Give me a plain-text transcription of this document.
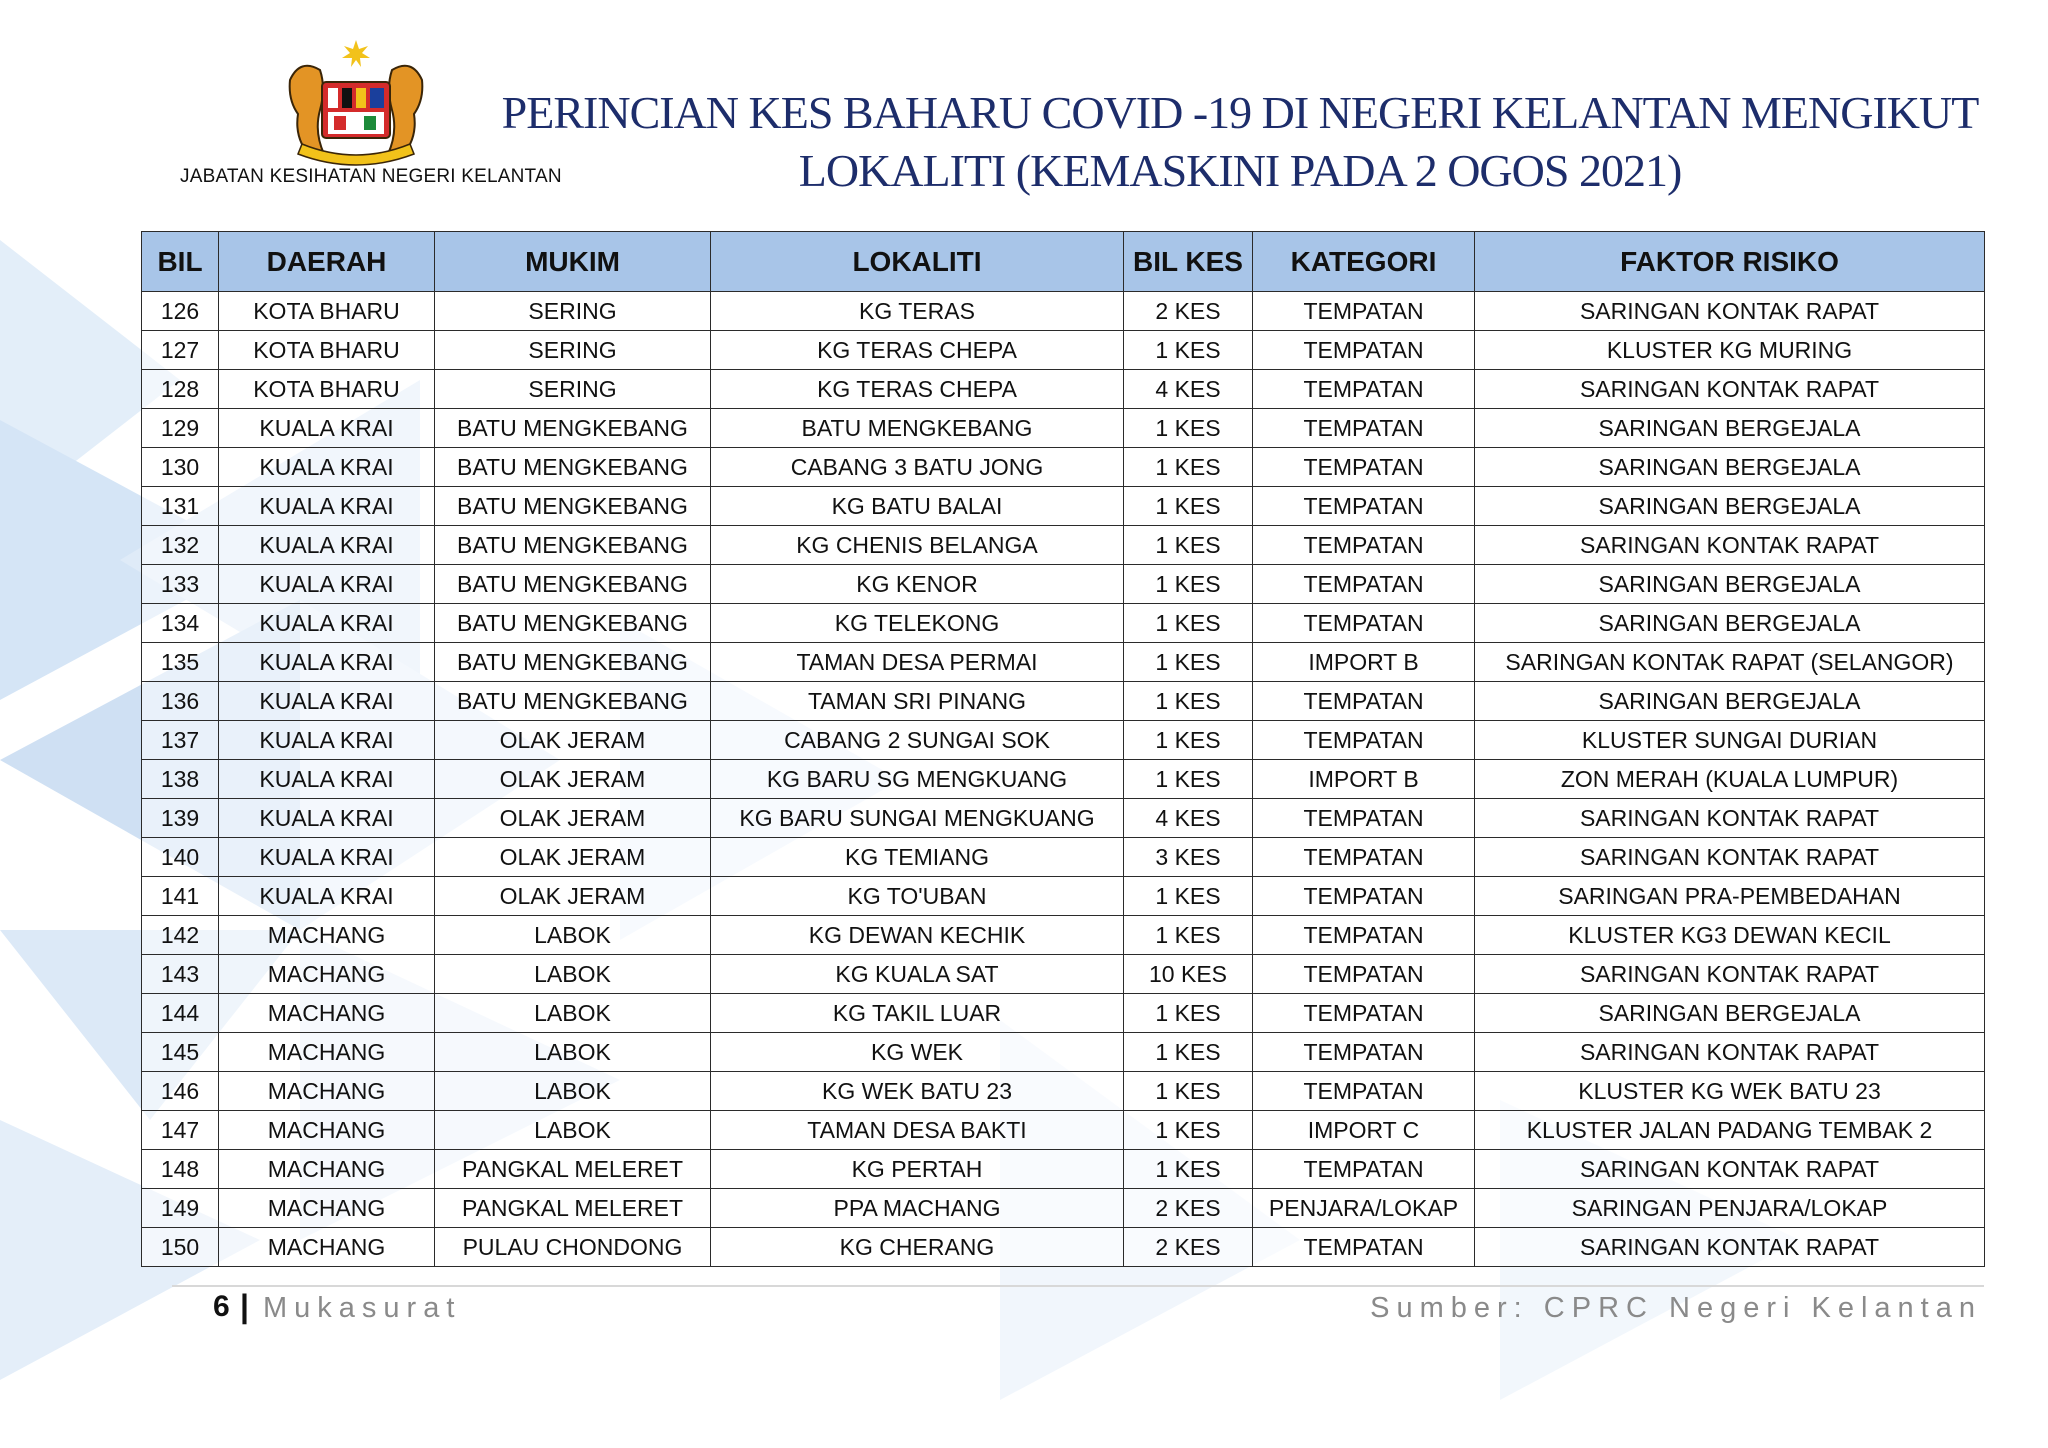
JABATAN KESIHATAN NEGERI KELANTAN
PERINCIAN KES BAHARU COVID -19 DI NEGERI KELANTAN MENGIKUT
LOKALITI (KEMASKINI PADA 2 OGOS 2021)
BIL	DAERAH	MUKIM	LOKALITI	BIL KES	KATEGORI	FAKTOR RISIKO
126	KOTA BHARU	SERING	KG TERAS	2 KES	TEMPATAN	SARINGAN KONTAK RAPAT
127	KOTA BHARU	SERING	KG TERAS CHEPA	1 KES	TEMPATAN	KLUSTER KG MURING
128	KOTA BHARU	SERING	KG TERAS CHEPA	4 KES	TEMPATAN	SARINGAN KONTAK RAPAT
129	KUALA KRAI	BATU MENGKEBANG	BATU MENGKEBANG	1 KES	TEMPATAN	SARINGAN BERGEJALA
130	KUALA KRAI	BATU MENGKEBANG	CABANG 3 BATU JONG	1 KES	TEMPATAN	SARINGAN BERGEJALA
131	KUALA KRAI	BATU MENGKEBANG	KG BATU BALAI	1 KES	TEMPATAN	SARINGAN BERGEJALA
132	KUALA KRAI	BATU MENGKEBANG	KG CHENIS BELANGA	1 KES	TEMPATAN	SARINGAN KONTAK RAPAT
133	KUALA KRAI	BATU MENGKEBANG	KG KENOR	1 KES	TEMPATAN	SARINGAN BERGEJALA
134	KUALA KRAI	BATU MENGKEBANG	KG TELEKONG	1 KES	TEMPATAN	SARINGAN BERGEJALA
135	KUALA KRAI	BATU MENGKEBANG	TAMAN DESA PERMAI	1 KES	IMPORT B	SARINGAN KONTAK RAPAT (SELANGOR)
136	KUALA KRAI	BATU MENGKEBANG	TAMAN SRI PINANG	1 KES	TEMPATAN	SARINGAN BERGEJALA
137	KUALA KRAI	OLAK JERAM	CABANG 2 SUNGAI SOK	1 KES	TEMPATAN	KLUSTER SUNGAI DURIAN
138	KUALA KRAI	OLAK JERAM	KG BARU SG MENGKUANG	1 KES	IMPORT B	ZON MERAH (KUALA LUMPUR)
139	KUALA KRAI	OLAK JERAM	KG BARU SUNGAI MENGKUANG	4 KES	TEMPATAN	SARINGAN KONTAK RAPAT
140	KUALA KRAI	OLAK JERAM	KG TEMIANG	3 KES	TEMPATAN	SARINGAN KONTAK RAPAT
141	KUALA KRAI	OLAK JERAM	KG TO'UBAN	1 KES	TEMPATAN	SARINGAN PRA-PEMBEDAHAN
142	MACHANG	LABOK	KG DEWAN KECHIK	1 KES	TEMPATAN	KLUSTER KG3 DEWAN KECIL
143	MACHANG	LABOK	KG KUALA SAT	10 KES	TEMPATAN	SARINGAN KONTAK RAPAT
144	MACHANG	LABOK	KG TAKIL LUAR	1 KES	TEMPATAN	SARINGAN BERGEJALA
145	MACHANG	LABOK	KG WEK	1 KES	TEMPATAN	SARINGAN KONTAK RAPAT
146	MACHANG	LABOK	KG WEK BATU 23	1 KES	TEMPATAN	KLUSTER KG WEK BATU 23
147	MACHANG	LABOK	TAMAN DESA BAKTI	1 KES	IMPORT C	KLUSTER JALAN PADANG TEMBAK 2
148	MACHANG	PANGKAL MELERET	KG PERTAH	1 KES	TEMPATAN	SARINGAN KONTAK RAPAT
149	MACHANG	PANGKAL MELERET	PPA MACHANG	2 KES	PENJARA/LOKAP	SARINGAN PENJARA/LOKAP
150	MACHANG	PULAU CHONDONG	KG CHERANG	2 KES	TEMPATAN	SARINGAN KONTAK RAPAT
6 | Mukasurat	Sumber: CPRC Negeri Kelantan
